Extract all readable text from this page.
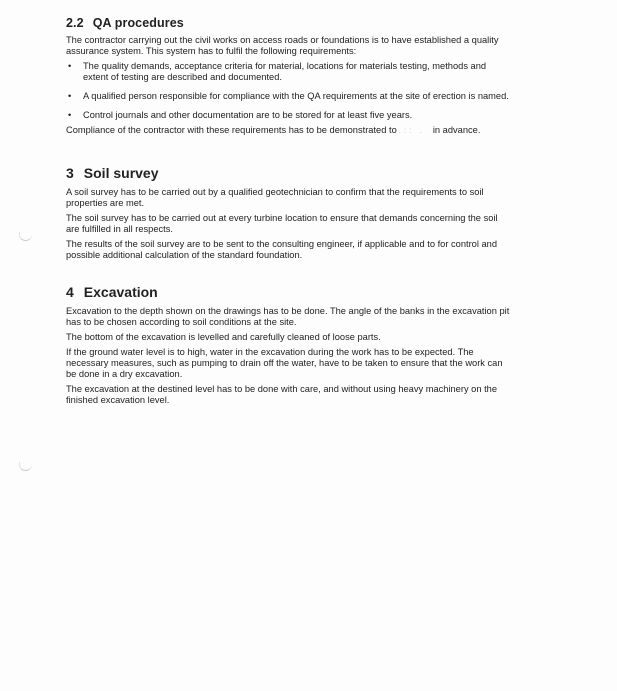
2.2 QA procedures

The contractor carrying out the civil works on access roads or foundations is to have established a quality assurance system. This system has to fulfil the following requirements:

• The quality demands, acceptance criteria for material, locations for materials testing, methods and extent of testing are described and documented.
• A qualified person responsible for compliance with the QA requirements at the site of erection is named.
• Control journals and other documentation are to be stored for at least five years.

Compliance of the contractor with these requirements has to be demonstrated to .:: . in advance.

3 Soil survey

A soil survey has to be carried out by a qualified geotechnician to confirm that the requirements to soil properties are met.

The soil survey has to be carried out at every turbine location to ensure that demands concerning the soil are fulfilled in all respects.

The results of the soil survey are to be sent to the consulting engineer, if applicable and to for control and possible additional calculation of the standard foundation.

4 Excavation

Excavation to the depth shown on the drawings has to be done. The angle of the banks in the excavation pit has to be chosen according to soil conditions at the site.

The bottom of the excavation is levelled and carefully cleaned of loose parts.

If the ground water level is to high, water in the excavation during the work has to be expected. The necessary measures, such as pumping to drain off the water, have to be taken to ensure that the work can be done in a dry excavation.

The excavation at the destined level has to be done with care, and without using heavy machinery on the finished excavation level.
